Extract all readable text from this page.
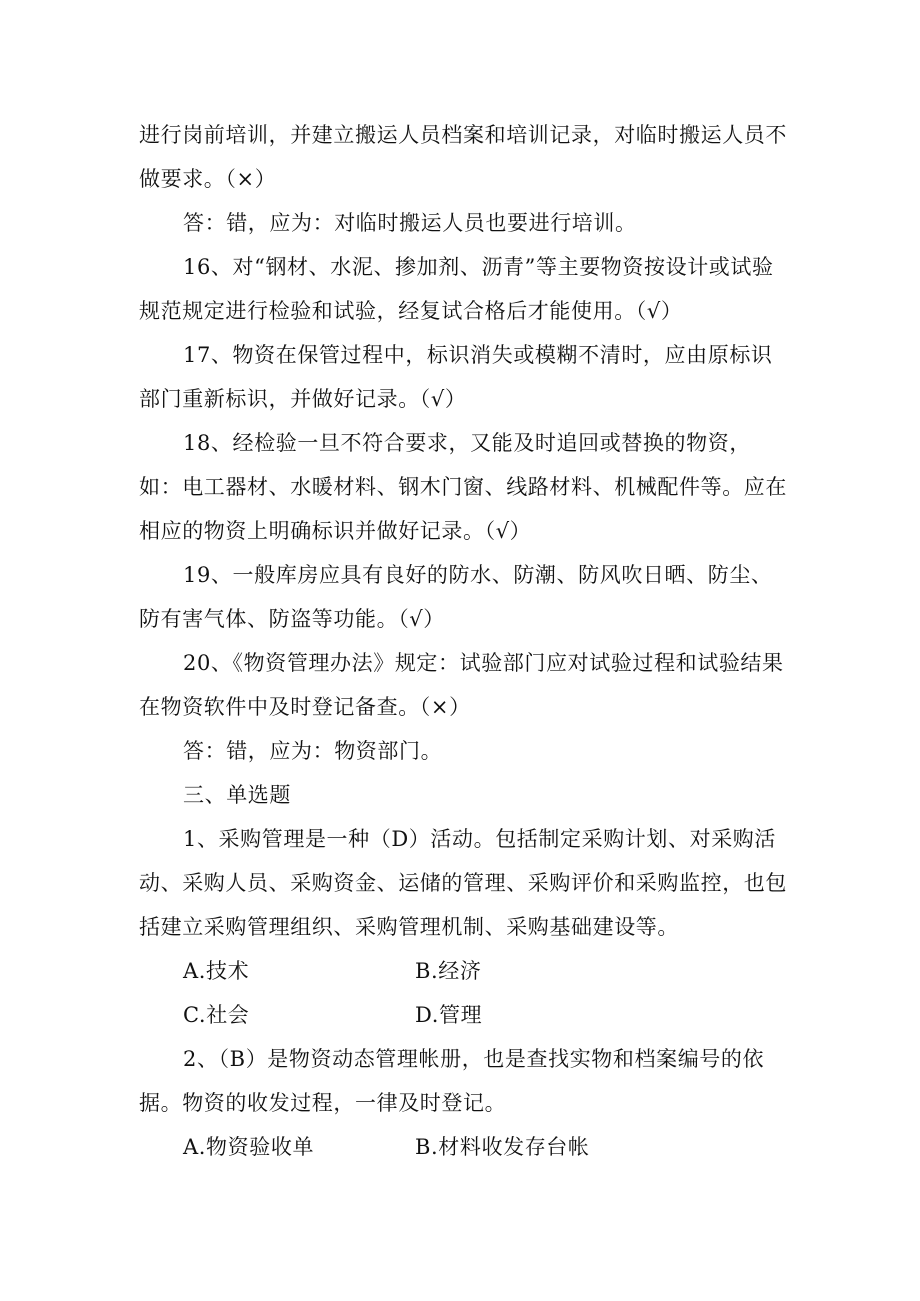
进行岗前培训，并建立搬运人员档案和培训记录，对临时搬运人员不做要求。（×）

答：错，应为：对临时搬运人员也要进行培训。

16、对“钢材、水泥、掺加剂、沥青”等主要物资按设计或试验规范规定进行检验和试验，经复试合格后才能使用。（√）

17、物资在保管过程中，标识消失或模糊不清时，应由原标识部门重新标识，并做好记录。（√）

18、经检验一旦不符合要求，又能及时追回或替换的物资，如：电工器材、水暖材料、钢木门窗、线路材料、机械配件等。应在相应的物资上明确标识并做好记录。（√）

19、一般库房应具有良好的防水、防潮、防风吹日晒、防尘、防有害气体、防盗等功能。（√）

20、《物资管理办法》规定：试验部门应对试验过程和试验结果在物资软件中及时登记备查。（×）

答：错，应为：物资部门。

三、单选题

1、采购管理是一种（D）活动。包括制定采购计划、对采购活动、采购人员、采购资金、运储的管理、采购评价和采购监控，也包括建立采购管理组织、采购管理机制、采购基础建设等。

A.技术	B.经济
C.社会	D.管理

2、（B）是物资动态管理帐册，也是查找实物和档案编号的依据。物资的收发过程，一律及时登记。

A.物资验收单	B.材料收发存台帐
